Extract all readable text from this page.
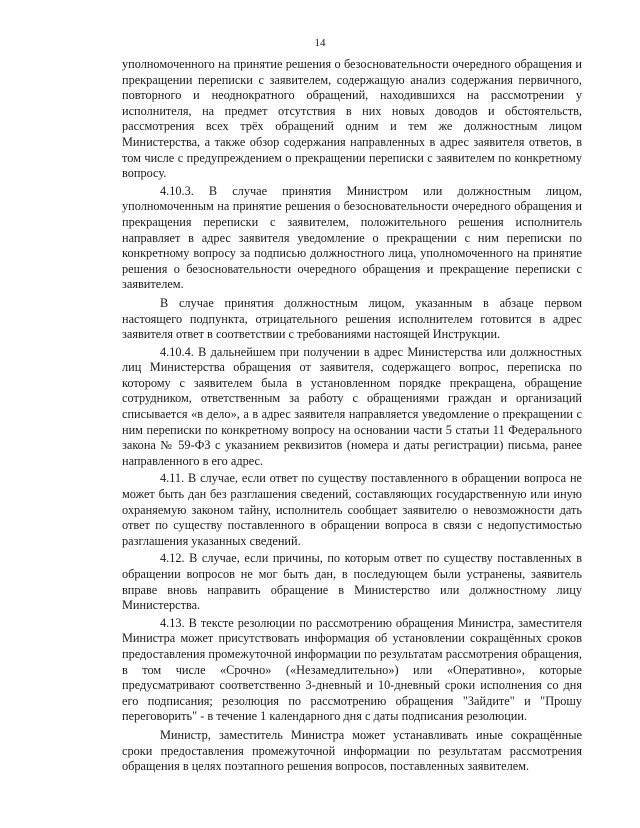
14

уполномоченного на принятие решения о безосновательности очередного обращения и прекращении переписки с заявителем, содержащую анализ содержания первичного, повторного и неоднократного обращений, находившихся на рассмотрении у исполнителя, на предмет отсутствия в них новых доводов и обстоятельств, рассмотрения всех трёх обращений одним и тем же должностным лицом Министерства, а также обзор содержания направленных в адрес заявителя ответов, в том числе с предупреждением о прекращении переписки с заявителем по конкретному вопросу.

4.10.3. В случае принятия Министром или должностным лицом, уполномоченным на принятие решения о безосновательности очередного обращения и прекращения переписки с заявителем, положительного решения исполнитель направляет в адрес заявителя уведомление о прекращении с ним переписки по конкретному вопросу за подписью должностного лица, уполномоченного на принятие решения о безосновательности очередного обращения и прекращение переписки с заявителем.

В случае принятия должностным лицом, указанным в абзаце первом настоящего подпункта, отрицательного решения исполнителем готовится в адрес заявителя ответ в соответствии с требованиями настоящей Инструкции.

4.10.4. В дальнейшем при получении в адрес Министерства или должностных лиц Министерства обращения от заявителя, содержащего вопрос, переписка по которому с заявителем была в установленном порядке прекращена, обращение сотрудником, ответственным за работу с обращениями граждан и организаций списывается «в дело», а в адрес заявителя направляется уведомление о прекращении с ним переписки по конкретному вопросу на основании части 5 статьи 11 Федерального закона № 59-ФЗ с указанием реквизитов (номера и даты регистрации) письма, ранее направленного в его адрес.

4.11. В случае, если ответ по существу поставленного в обращении вопроса не может быть дан без разглашения сведений, составляющих государственную или иную охраняемую законом тайну, исполнитель сообщает заявителю о невозможности дать ответ по существу поставленного в обращении вопроса в связи с недопустимостью разглашения указанных сведений.

4.12. В случае, если причины, по которым ответ по существу поставленных в обращении вопросов не мог быть дан, в последующем были устранены, заявитель вправе вновь направить обращение в Министерство или должностному лицу Министерства.

4.13. В тексте резолюции по рассмотрению обращения Министра, заместителя Министра может присутствовать информация об установлении сокращённых сроков предоставления промежуточной информации по результатам рассмотрения обращения, в том числе «Срочно» («Незамедлительно») или «Оперативно», которые предусматривают соответственно 3-дневный и 10-дневный сроки исполнения со дня его подписания; резолюция по рассмотрению обращения "Зайдите" и "Прошу переговорить" - в течение 1 календарного дня с даты подписания резолюции.

Министр, заместитель Министра может устанавливать иные сокращённые сроки предоставления промежуточной информации по результатам рассмотрения обращения в целях поэтапного решения вопросов, поставленных заявителем.
